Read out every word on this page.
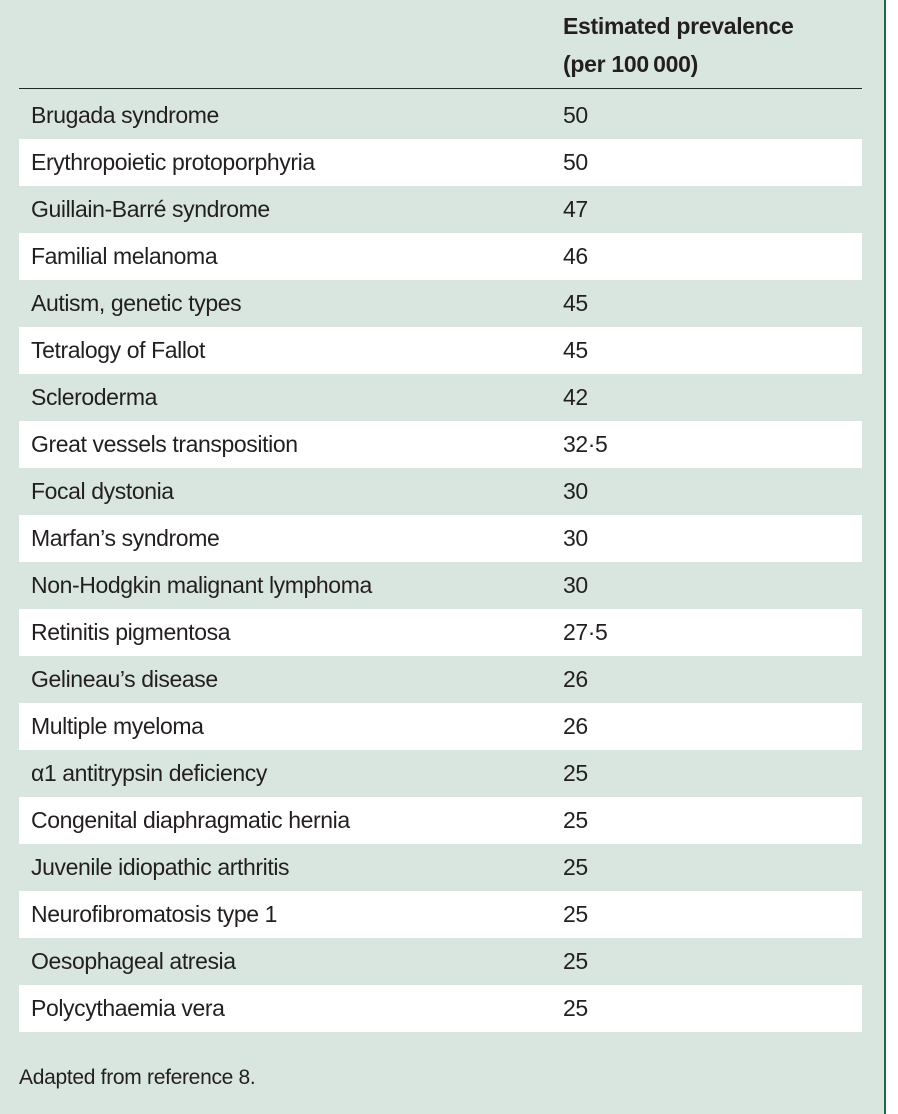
Estimated prevalence
(per 100 000)
Brugada syndrome	50
Erythropoietic protoporphyria	50
Guillain-Barré syndrome	47
Familial melanoma	46
Autism, genetic types	45
Tetralogy of Fallot	45
Scleroderma	42
Great vessels transposition	32·5
Focal dystonia	30
Marfan’s syndrome	30
Non-Hodgkin malignant lymphoma	30
Retinitis pigmentosa	27·5
Gelineau’s disease	26
Multiple myeloma	26
α1 antitrypsin deficiency	25
Congenital diaphragmatic hernia	25
Juvenile idiopathic arthritis	25
Neurofibromatosis type 1	25
Oesophageal atresia	25
Polycythaemia vera	25
Adapted from reference 8.
